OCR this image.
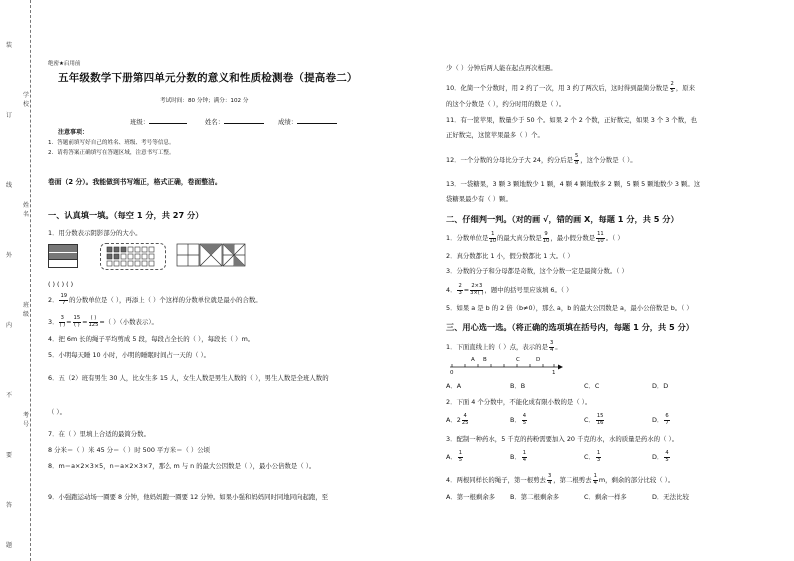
装
订
线
外
内
不
要
答
题
学校
姓名
班级
考号
绝密★启用前
五年级数学下册第四单元分数的意义和性质检测卷（提高卷二）
考试时间：80 分钟；满分：102 分
班级：	姓名：	成绩：
注意事项：
1．答题前填写好自己的姓名、班级、考号等信息。
2．请将答案正确填写在答题区域，注意书写工整。
卷面（2 分）。我能做到书写端正，格式正确，卷面整洁。
一、认真填一填。（每空 1 分，共 27 分）
1．用分数表示阴影部分的大小。
( ) ( ) ( )
2． $\frac{19}{7}$ 的分数单位是（ ），再添上（ ）个这样的分数单位就是最小的合数。
3． $\frac{3}{( )} = \frac{15}{( )} = \frac{( )}{125}$ =（ ）（小数表示）。
4．把 6m 长的绳子平均剪成 5 段，每段占全长的（ ），每段长（ ）m。
5．小明每天睡 10 小时，小明的睡眠时间占一天的（ ）。
6．五（2）班有男生 30 人，比女生多 15 人，女生人数是男生人数的（ ），男生人数是全班人数的
（ ）。
7．在（ ）里填上合适的最简分数。
8 分米＝（ ）米 45 分＝（ ）时 500 平方米＝（ ）公顷
8．m＝a×2×3×5，n＝a×2×3×7，那么 m 与 n 的最大公因数是（ ），最小公倍数是（ ）。
9．小强跑运动场一圈要 8 分钟，他妈妈跑一圈要 12 分钟。如果小强和妈妈同时同地同向起跑，至
少（ ）分钟后两人能在起点再次相遇。
10．化简一个分数时，用 2 约了一次，用 3 约了两次后，这时得到最简分数是 $\frac{2}{5}$ ，原来
的这个分数是（ ），约分时用的数是（ ）。
11．有一筐苹果，数量少于 50 个。如果 2 个 2 个数，正好数完，如果 3 个 3 个数，也
正好数完，这筐苹果最多（ ）个。
12．一个分数的分母比分子大 24，约分后是 $\frac{5}{8}$ ，这个分数是（ ）。
13．一袋糖果，3 颗 3 颗地数少 1 颗，4 颗 4 颗地数多 2 颗，5 颗 5 颗地数少 3 颗。这
袋糖果最少有（ ）颗。
二、仔细判一判。（对的画 √，错的画 X，每题 1 分，共 5 分）
1．分数单位是 $\frac{1}{10}$ 的最大真分数是 $\frac{9}{10}$ ，最小假分数是 $\frac{11}{10}$ 。（ ）
2．真分数都比 1 小，假分数都比 1 大。（ ）
3．分数的分子和分母都是奇数，这个分数一定是最简分数。（ ）
4． $\frac{2}{3} = \frac{2\times 3}{3\times( )}$ ，题中的括号里应该填 6。（ ）
5．如果 a 是 b 的 2 倍（b≠0），那么 a，b 的最大公因数是 a，最小公倍数是 b。（ ）
三、用心选一选。（将正确的选项填在括号内，每题 1 分，共 5 分）
1．下面直线上的（ ）点，表示的是 $\frac{3}{4}$ 。
A B	C	D
0	1
A．A	B．B	C．C	D．D
2．下面 4 个分数中，不能化成有限小数的是（ ）。
A．$2 \frac{4}{25}$	B． $\frac{4}{5}$	C． $\frac{15}{16}$	D． $\frac{6}{7}$
3．配制一种药水，5 千克的药粉需要加入 20 千克的水，水的质量是药水的（ ）。
A． $\frac{1}{5}$	B． $\frac{1}{4}$	C． $\frac{1}{3}$	D． $\frac{4}{5}$
4．两根同样长的绳子，第一根剪去 $\frac{3}{4}$ ，第二根剪去 $\frac{1}{4}$ m，剩余的部分比较（ ）。
A．第一根剩余多 B．第二根剩余多	C．剩余一样多	D．无法比较
